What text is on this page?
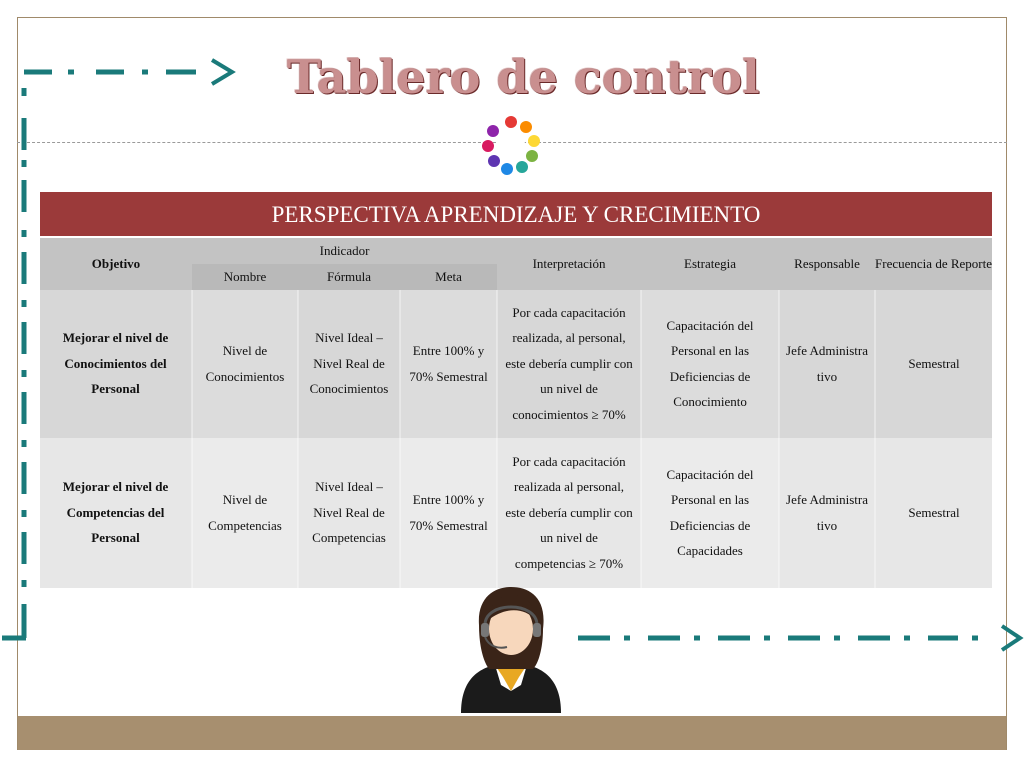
Tablero de control
PERSPECTIVA APRENDIZAJE Y CRECIMIENTO
Objetivo	Indicador			Interpretación	Estrategia	Responsable	Frecuencia de Reporte
	Nombre	Fórmula	Meta				

Mejorar el nivel de Conocimientos del Personal	Nivel de Conocimientos	Nivel Ideal – Nivel Real de Conocimientos	Entre 100% y 70% Semestral	Por cada capacitación realizada, al personal, este debería cumplir con un nivel de conocimientos ≥ 70%	Capacitación del Personal en las Deficiencias de Conocimiento	Jefe Administrativo	Semestral

Mejorar el nivel de Competencias del Personal	Nivel de Competencias	Nivel Ideal – Nivel Real de Competencias	Entre 100% y 70% Semestral	Por cada capacitación realizada al personal, este debería cumplir con un nivel de competencias ≥ 70%	Capacitación del Personal en las Deficiencias de Capacidades	Jefe Administrativo	Semestral
